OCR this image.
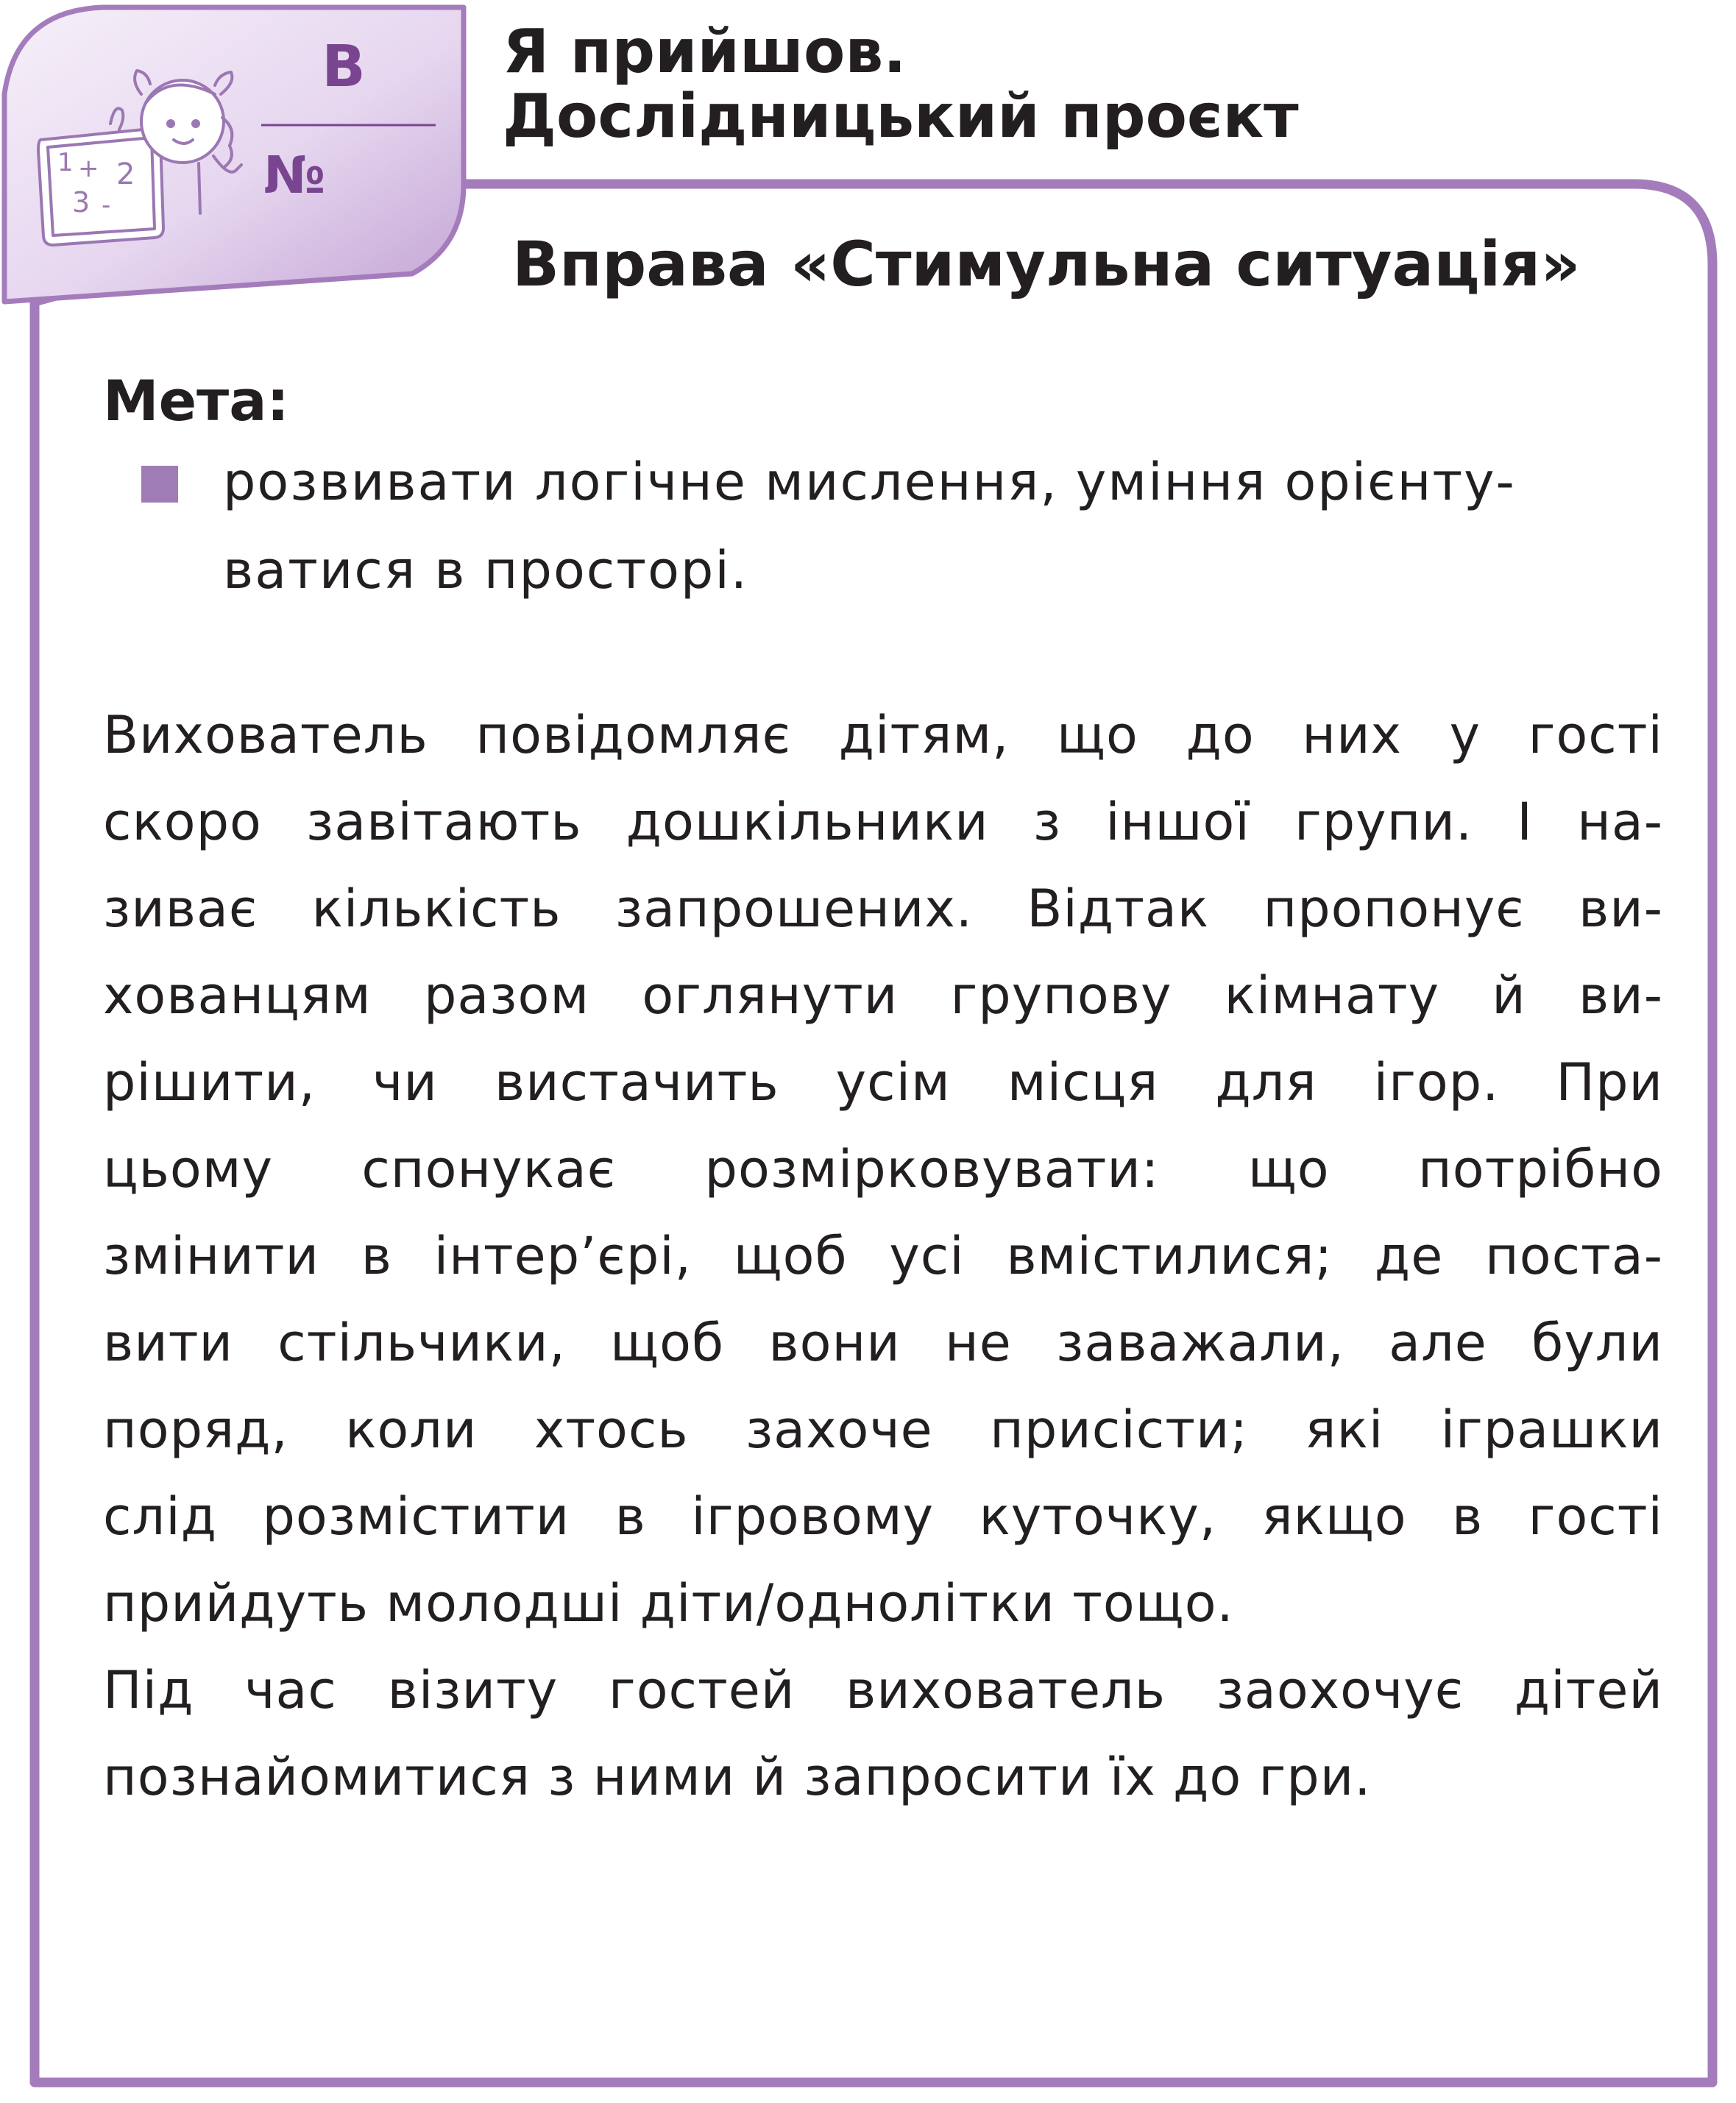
1 + 2
3 -
Я прийшов.
Дослідницький проєкт
В
№
Вправа «Стимульна ситуація»
Мета:

розвивати логічне мислення, уміння орієнту-

ватися в просторі.

Вихователь повідомляє дітям, що до них у гості

скоро завітають дошкільники з іншої групи. І на-

зиває кількість запрошених. Відтак пропонує ви-

хованцям разом оглянути групову кімнату й ви-

рішити, чи вистачить усім місця для ігор. При

цьому спонукає розмірковувати: що потрібно

змінити в інтер’єрі, щоб усі вмістилися; де поста-

вити стільчики, щоб вони не заважали, але були

поряд, коли хтось захоче присісти; які іграшки

слід розмістити в ігровому куточку, якщо в гості

прийдуть молодші діти/однолітки тощо.

Під час візиту гостей вихователь заохочує дітей

познайомитися з ними й запросити їх до гри.
